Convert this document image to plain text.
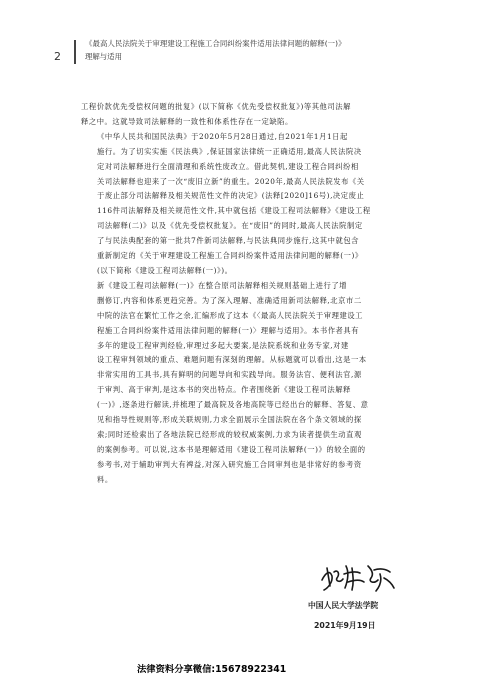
2
《最高人民法院关于审理建设工程施工合同纠纷案件适用法律问题的解释(一)》
理解与适用

工程价款优先受偿权问题的批复》(以下简称《优先受偿权批复》)等其他司法解
释之中。这就导致司法解释的一致性和体系性存在一定缺陷。

《中华人民共和国民法典》于2020年5月28日通过,自2021年1月1日起
施行。为了切实实施《民法典》,保证国家法律统一正确适用,最高人民法院决
定对司法解释进行全面清理和系统性废改立。借此契机,建设工程合同纠纷相
关司法解释也迎来了一次“废旧立新”的重生。2020年,最高人民法院发布《关
于废止部分司法解释及相关规范性文件的决定》(法释[2020]16号),决定废止
116件司法解释及相关规范性文件,其中就包括《建设工程司法解释》《建设工程
司法解释(二)》以及《优先受偿权批复》。在“废旧”的同时,最高人民法院制定
了与民法典配套的第一批共7件新司法解释,与民法典同步施行,这其中就包含
重新制定的《关于审理建设工程施工合同纠纷案件适用法律问题的解释(一)》
(以下简称《建设工程司法解释(一)》)。

新《建设工程司法解释(一)》在整合原司法解释相关规则基础上进行了增
删修订,内容和体系更趋完善。为了深入理解、准确适用新司法解释,北京市二
中院的法官在繁忙工作之余,汇编形成了这本《〈最高人民法院关于审理建设工
程施工合同纠纷案件适用法律问题的解释(一)〉理解与适用》。本书作者具有
多年的建设工程审判经验,审理过多起大要案,是法院系统和业务专家,对建
设工程审判领域的重点、难题问题有深刻的理解。从标题就可以看出,这是一本
非常实用的工具书,具有鲜明的问题导向和实践导向。服务法官、便利法官,源
于审判、高于审判,是这本书的突出特点。作者围绕新《建设工程司法解释
(一)》,逐条进行解读,并梳理了最高院及各地高院等已经出台的解释、答复、意
见和指导性规则等,形成关联规则,力求全面展示全国法院在各个条文领域的探
索;同时还检索出了各地法院已经形成的较权威案例,力求为读者提供生动直观
的案例参考。可以说,这本书是理解适用《建设工程司法解释(一)》的较全面的
参考书,对于辅助审判大有裨益,对深入研究施工合同审判也是非常好的参考资
料。

中国人民大学法学院
2021年9月19日
法律资料分享微信:15678922341
